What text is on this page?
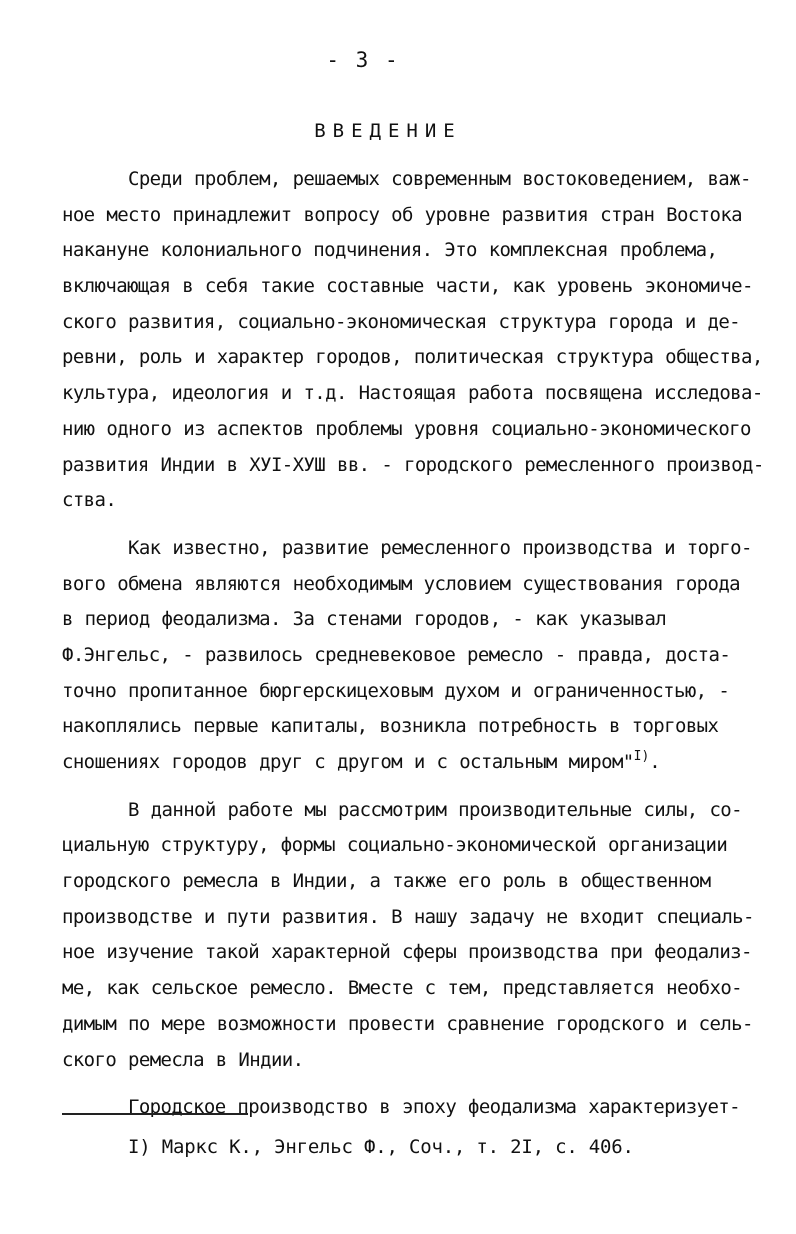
- 3 -
ВВЕДЕНИЕ
Среди проблем, решаемых современным востоковедением, важ-
ное место принадлежит вопросу об уровне развития стран Востока
накануне колониального подчинения. Это комплексная проблема,
включающая в себя такие составные части, как уровень экономиче-
ского развития, социально-экономическая структура города и де-
ревни, роль и характер городов, политическая структура общества,
культура, идеология и т.д. Настоящая работа посвящена исследова-
нию одного из аспектов проблемы уровня социально-экономического
развития Индии в ХУI-ХУШ вв. - городского ремесленного производ-
ства.
Как известно, развитие ремесленного производства и торго-
вого обмена являются необходимым условием существования города
в период феодализма. За стенами городов, - как указывал
Ф.Энгельс, - развилось средневековое ремесло - правда, доста-
точно пропитанное бюргерскицеховым духом и ограниченностью, -
накоплялись первые капиталы, возникла потребность в торговых
сношениях городов друг с другом и с остальным миром"$^{I)}$.
В данной работе мы рассмотрим производительные силы, со-
циальную структуру, формы социально-экономической организации
городского ремесла в Индии, а также его роль в общественном
производстве и пути развития. В нашу задачу не входит специаль-
ное изучение такой характерной сферы производства при феодализ-
ме, как сельское ремесло. Вместе с тем, представляется необхо-
димым по мере возможности провести сравнение городского и сель-
ского ремесла в Индии.
Городское производство в эпоху феодализма характеризует-
I) Маркс К., Энгельс Ф., Соч., т. 2I, с. 406.
